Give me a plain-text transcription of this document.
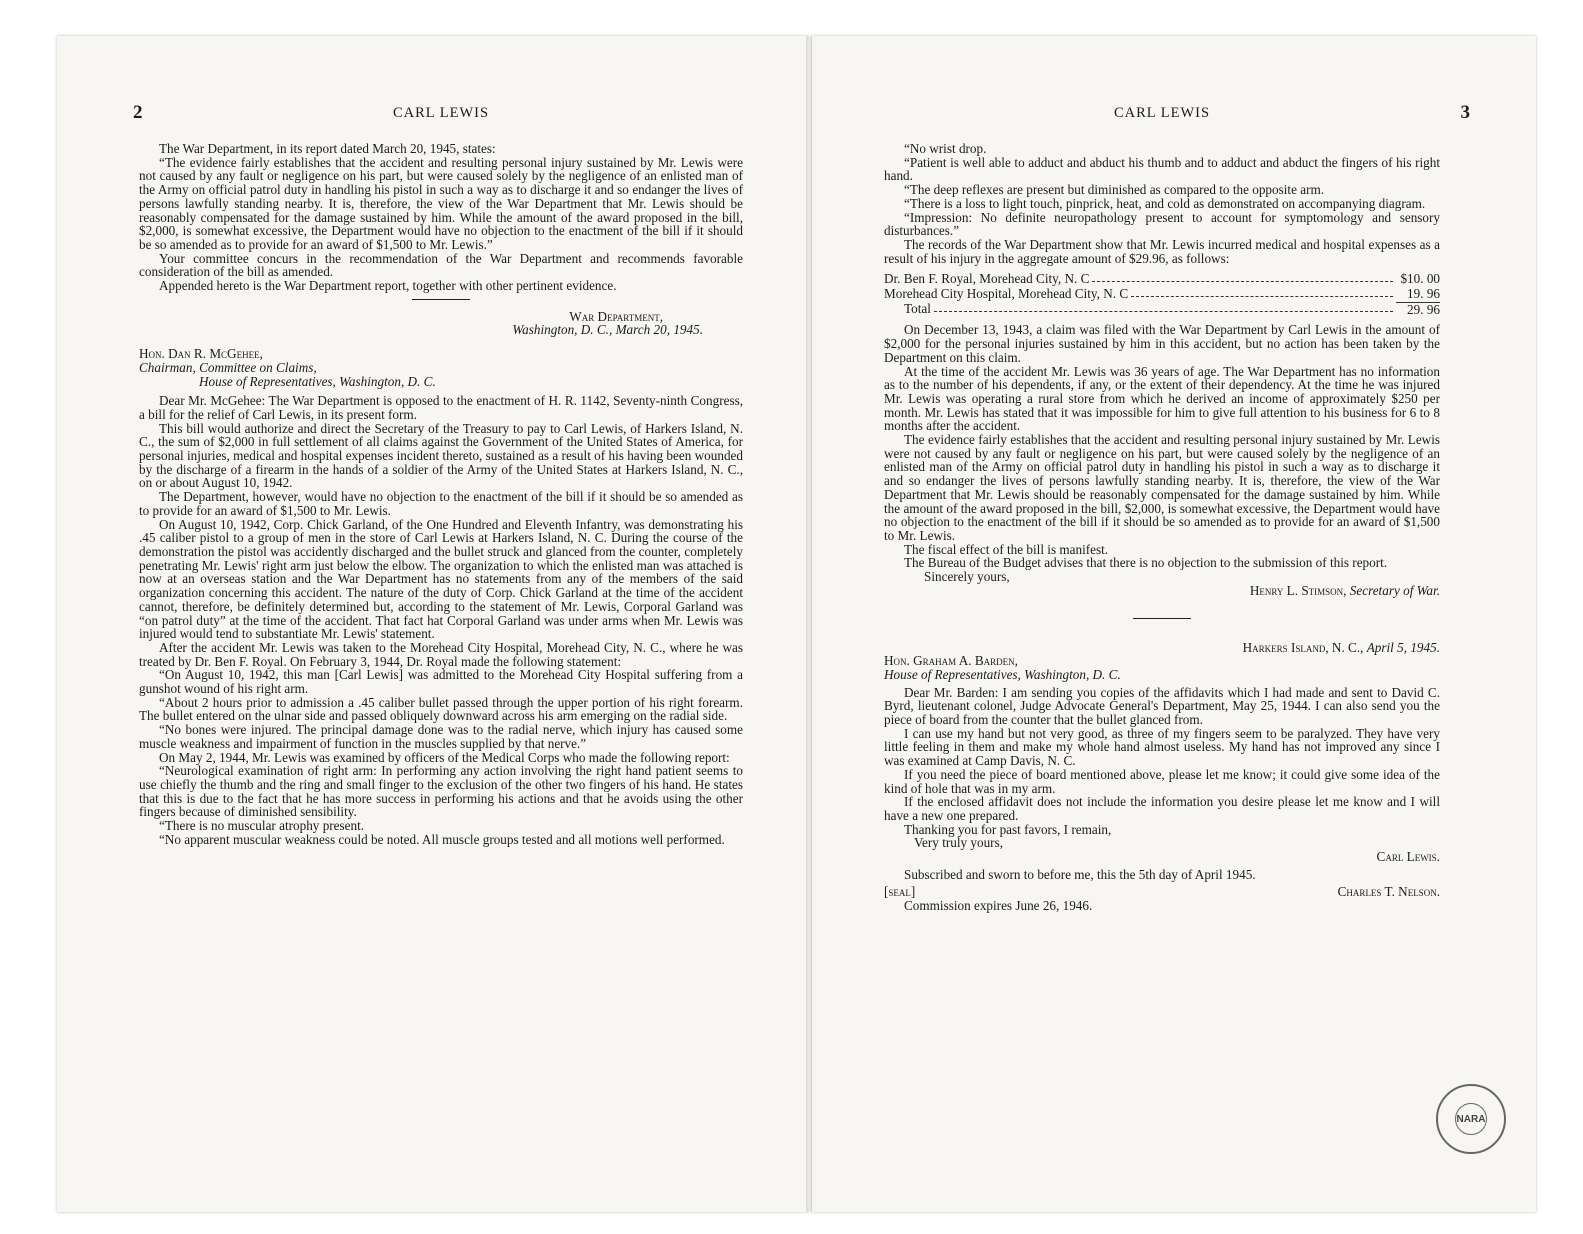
2	CARL LEWIS

The War Department, in its report dated March 20, 1945, states:

“The evidence fairly establishes that the accident and resulting personal injury sustained by Mr. Lewis were not caused by any fault or negligence on his part, but were caused solely by the negligence of an enlisted man of the Army on official patrol duty in handling his pistol in such a way as to discharge it and so endanger the lives of persons lawfully standing nearby. It is, therefore, the view of the War Department that Mr. Lewis should be reasonably compensated for the damage sustained by him. While the amount of the award proposed in the bill, $2,000, is somewhat excessive, the Department would have no objection to the enactment of the bill if it should be so amended as to provide for an award of $1,500 to Mr. Lewis.”

Your committee concurs in the recommendation of the War Department and recommends favorable consideration of the bill as amended.

Appended hereto is the War Department report, together with other pertinent evidence.

War Department,

Washington, D. C., March 20, 1945.

Hon. Dan R. McGehee,

Chairman, Committee on Claims,

House of Representatives, Washington, D. C.

Dear Mr. McGehee: The War Department is opposed to the enactment of H. R. 1142, Seventy-ninth Congress, a bill for the relief of Carl Lewis, in its present form.

This bill would authorize and direct the Secretary of the Treasury to pay to Carl Lewis, of Harkers Island, N. C., the sum of $2,000 in full settlement of all claims against the Government of the United States of America, for personal injuries, medical and hospital expenses incident thereto, sustained as a result of his having been wounded by the discharge of a firearm in the hands of a soldier of the Army of the United States at Harkers Island, N. C., on or about August 10, 1942.

The Department, however, would have no objection to the enactment of the bill if it should be so amended as to provide for an award of $1,500 to Mr. Lewis.

On August 10, 1942, Corp. Chick Garland, of the One Hundred and Eleventh Infantry, was demonstrating his .45 caliber pistol to a group of men in the store of Carl Lewis at Harkers Island, N. C. During the course of the demonstration the pistol was accidently discharged and the bullet struck and glanced from the counter, completely penetrating Mr. Lewis' right arm just below the elbow. The organization to which the enlisted man was attached is now at an overseas station and the War Department has no statements from any of the members of the said organization concerning this accident. The nature of the duty of Corp. Chick Garland at the time of the accident cannot, therefore, be definitely determined but, according to the statement of Mr. Lewis, Corporal Garland was “on patrol duty” at the time of the accident. That fact hat Corporal Garland was under arms when Mr. Lewis was injured would tend to substantiate Mr. Lewis' statement.

After the accident Mr. Lewis was taken to the Morehead City Hospital, Morehead City, N. C., where he was treated by Dr. Ben F. Royal. On February 3, 1944, Dr. Royal made the following statement:

“On August 10, 1942, this man [Carl Lewis] was admitted to the Morehead City Hospital suffering from a gunshot wound of his right arm.

“About 2 hours prior to admission a .45 caliber bullet passed through the upper portion of his right forearm. The bullet entered on the ulnar side and passed obliquely downward across his arm emerging on the radial side.

“No bones were injured. The principal damage done was to the radial nerve, which injury has caused some muscle weakness and impairment of function in the muscles supplied by that nerve.”

On May 2, 1944, Mr. Lewis was examined by officers of the Medical Corps who made the following report:

“Neurological examination of right arm: In performing any action involving the right hand patient seems to use chiefly the thumb and the ring and small finger to the exclusion of the other two fingers of his hand. He states that this is due to the fact that he has more success in performing his actions and that he avoids using the other fingers because of diminished sensibility.

“There is no muscular atrophy present.

“No apparent muscular weakness could be noted. All muscle groups tested and all motions well performed.

CARL LEWIS	3

“No wrist drop.

“Patient is well able to adduct and abduct his thumb and to adduct and abduct the fingers of his right hand.

“The deep reflexes are present but diminished as compared to the opposite arm.

“There is a loss to light touch, pinprick, heat, and cold as demonstrated on accompanying diagram.

“Impression: No definite neuropathology present to account for symptomology and sensory disturbances.”

The records of the War Department show that Mr. Lewis incurred medical and hospital expenses as a result of his injury in the aggregate amount of $29.96, as follows:

Dr. Ben F. Royal, Morehead City, N. C	$10. 00
Morehead City Hospital, Morehead City, N. C	19. 96
Total	29. 96

On December 13, 1943, a claim was filed with the War Department by Carl Lewis in the amount of $2,000 for the personal injuries sustained by him in this accident, but no action has been taken by the Department on this claim.

At the time of the accident Mr. Lewis was 36 years of age. The War Department has no information as to the number of his dependents, if any, or the extent of their dependency. At the time he was injured Mr. Lewis was operating a rural store from which he derived an income of approximately $250 per month. Mr. Lewis has stated that it was impossible for him to give full attention to his business for 6 to 8 months after the accident.

The evidence fairly establishes that the accident and resulting personal injury sustained by Mr. Lewis were not caused by any fault or negligence on his part, but were caused solely by the negligence of an enlisted man of the Army on official patrol duty in handling his pistol in such a way as to discharge it and so endanger the lives of persons lawfully standing nearby. It is, therefore, the view of the War Department that Mr. Lewis should be reasonably compensated for the damage sustained by him. While the amount of the award proposed in the bill, $2,000, is somewhat excessive, the Department would have no objection to the enactment of the bill if it should be so amended as to provide for an award of $1,500 to Mr. Lewis.

The fiscal effect of the bill is manifest.

The Bureau of the Budget advises that there is no objection to the submission of this report.

Sincerely yours,

Henry L. Stimson, Secretary of War.

Harkers Island, N. C., April 5, 1945.

Hon. Graham A. Barden,

House of Representatives, Washington, D. C.

Dear Mr. Barden: I am sending you copies of the affidavits which I had made and sent to David C. Byrd, lieutenant colonel, Judge Advocate General's Department, May 25, 1944. I can also send you the piece of board from the counter that the bullet glanced from.

I can use my hand but not very good, as three of my fingers seem to be paralyzed. They have very little feeling in them and make my whole hand almost useless. My hand has not improved any since I was examined at Camp Davis, N. C.

If you need the piece of board mentioned above, please let me know; it could give some idea of the kind of hole that was in my arm.

If the enclosed affidavit does not include the information you desire please let me know and I will have a new one prepared.

Thanking you for past favors, I remain,

Very truly yours,

Carl Lewis.

Subscribed and sworn to before me, this the 5th day of April 1945.

[seal]	Charles T. Nelson.

Commission expires June 26, 1946.

NARA
